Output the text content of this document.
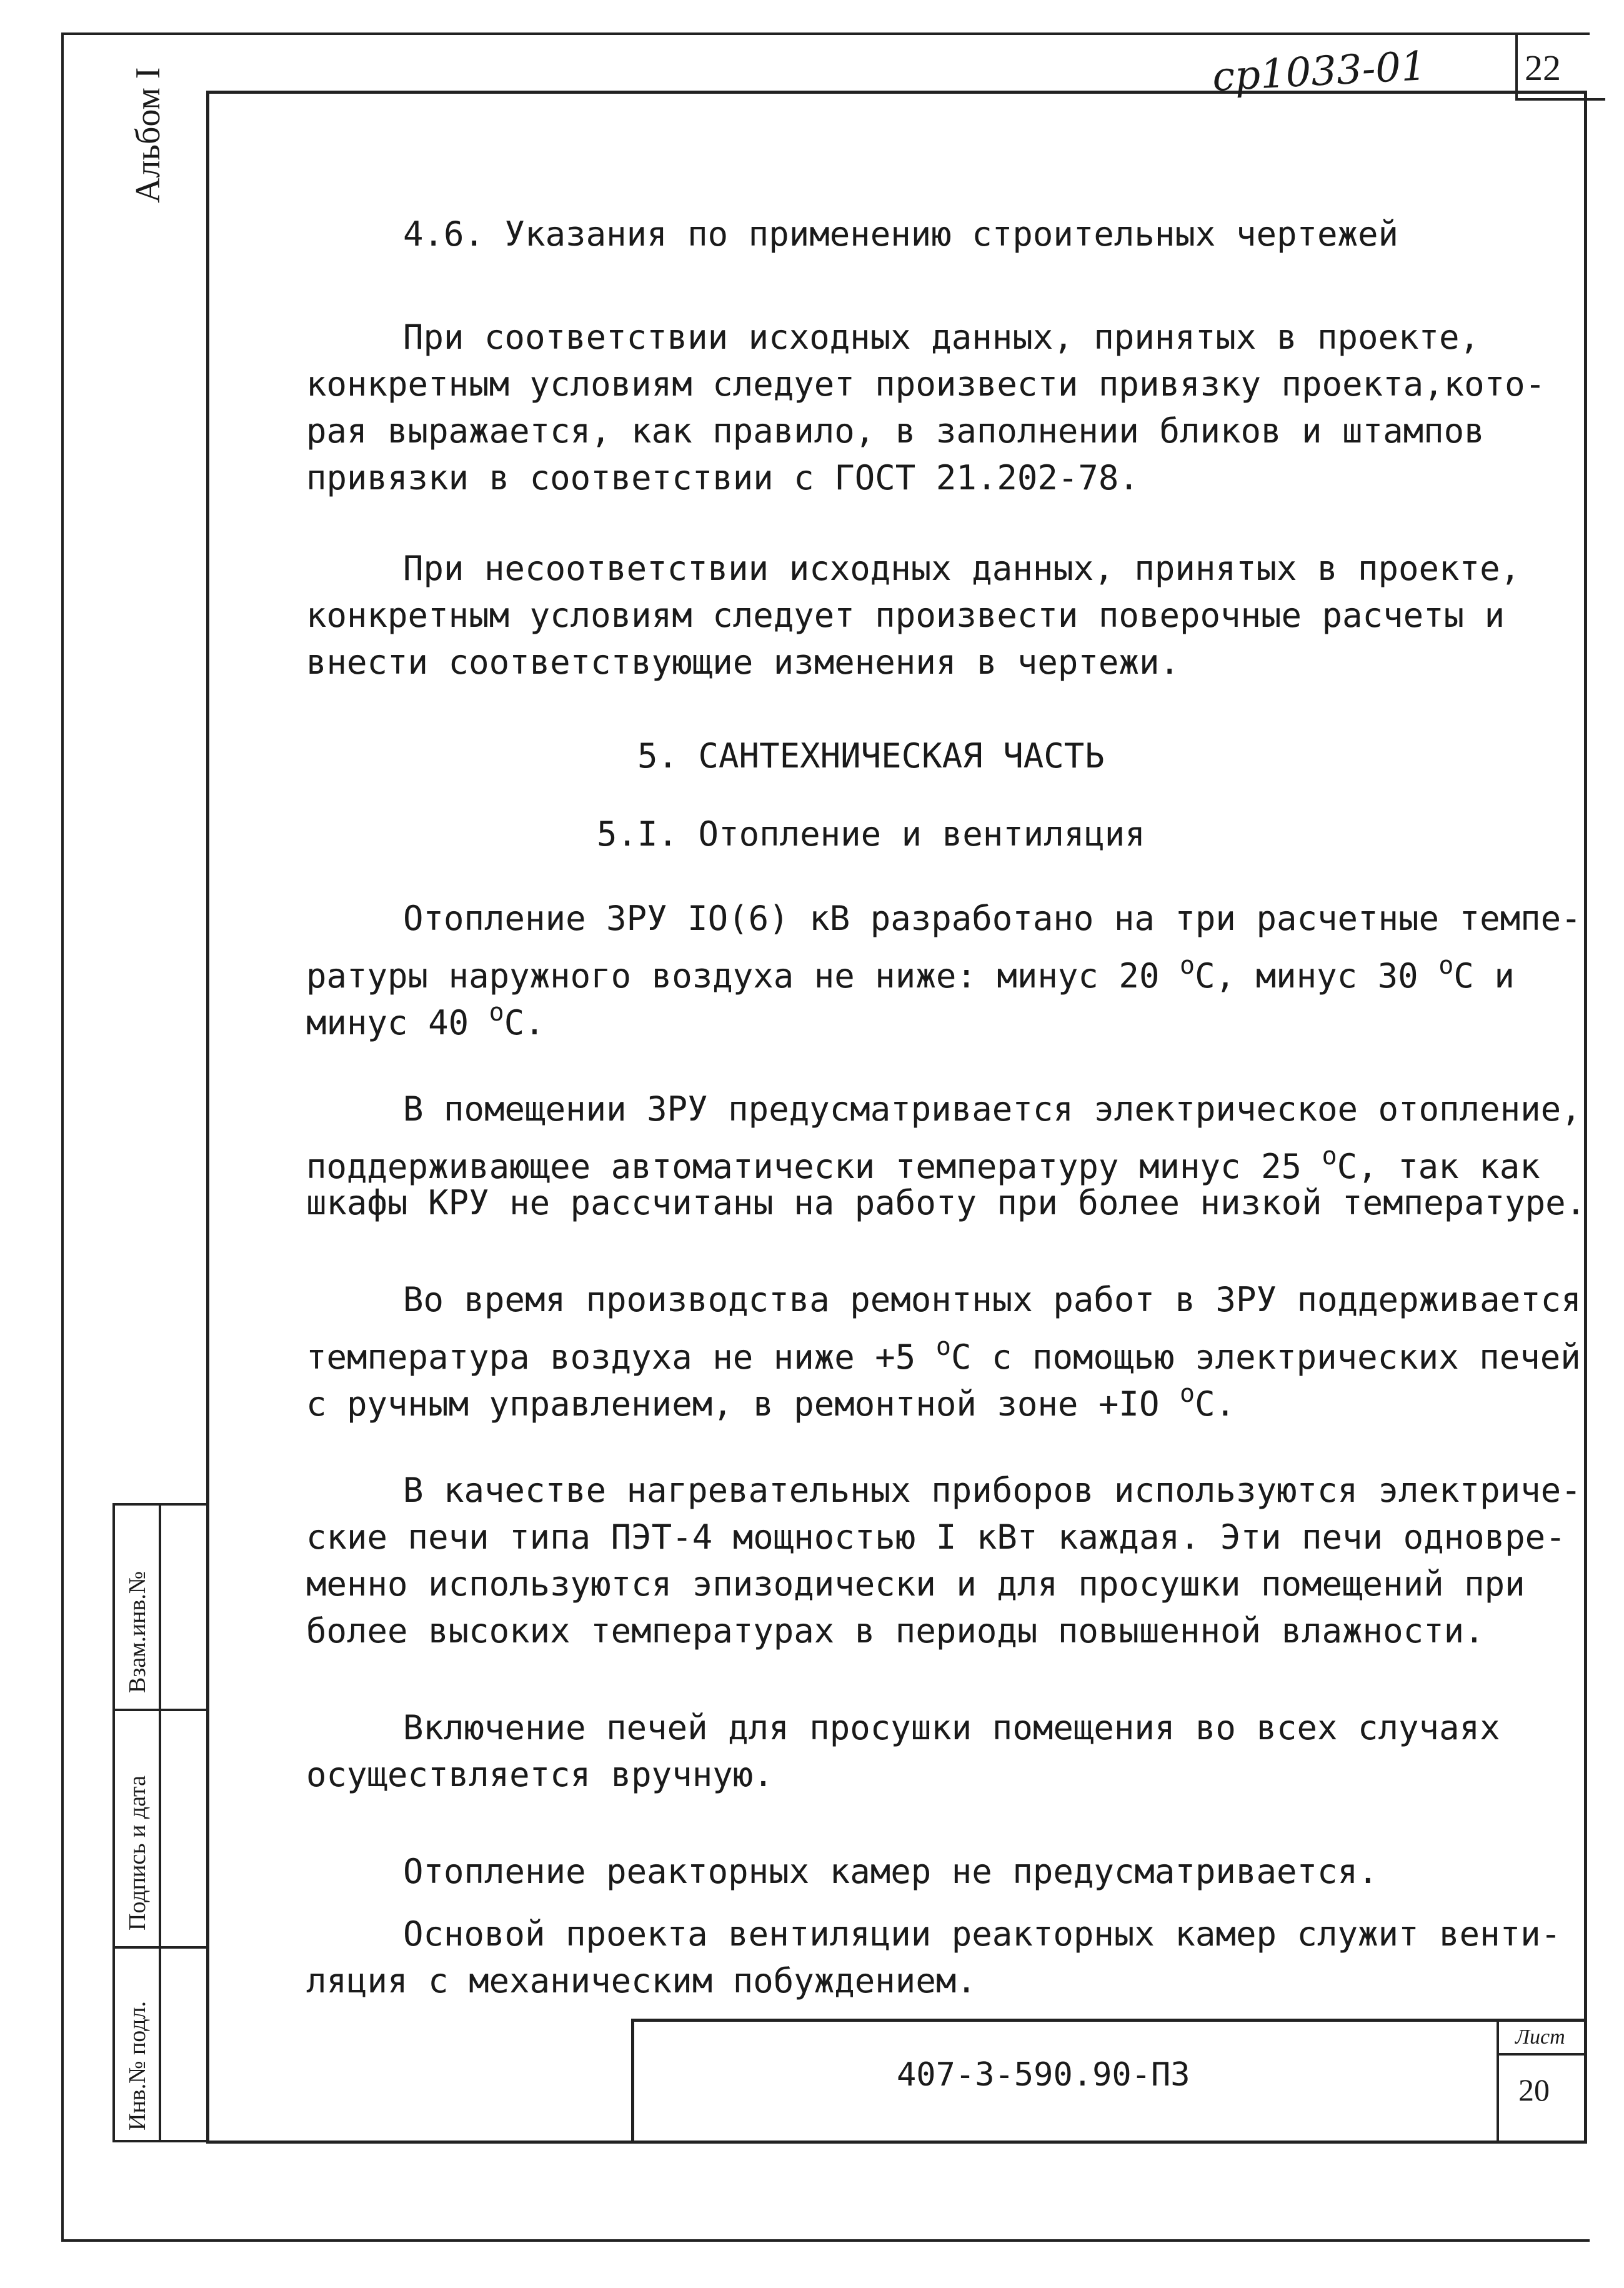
22
ср1033-01
Альбом I
Взам.инв.№
Подпись и дата
Инв.№ подл.	407-3-590.90-ПЗ
Лист
20
4.6. Указания по применению строительных чертежей
При соответствии исходных данных, принятых в проекте,
конкретным условиям следует произвести привязку проекта,кото-
рая выражается, как правило, в заполнении бликов и штампов
привязки в соответствии с ГОСТ 21.202-78.
При несоответствии исходных данных, принятых в проекте,
конкретным условиям следует произвести поверочные расчеты и
внести соответствующие изменения в чертежи.
5. САНТЕХНИЧЕСКАЯ ЧАСТЬ
5.I. Отопление и вентиляция
Отопление ЗРУ IO(6) кВ разработано на три расчетные темпе-
ратуры наружного воздуха не ниже: минус 20 $^о$С, минус 30 $^о$С и
минус 40 $^о$С.
В помещении ЗРУ предусматривается электрическое отопление,
поддерживающее автоматически температуру минус 25 $^о$С, так как
шкафы КРУ не рассчитаны на работу при более низкой температуре.
Во время производства ремонтных работ в ЗРУ поддерживается
температура воздуха не ниже +5 $^о$С с помощью электрических печей
с ручным управлением, в ремонтной зоне +IO $^о$С.
В качестве нагревательных приборов используются электриче-
ские печи типа ПЭТ-4 мощностью I кВт каждая. Эти печи одновре-
менно используются эпизодически и для просушки помещений при
более высоких температурах в периоды повышенной влажности.
Включение печей для просушки помещения во всех случаях
осуществляется вручную.
Отопление реакторных камер не предусматривается.
Основой проекта вентиляции реакторных камер служит венти-
ляция с механическим побуждением.
